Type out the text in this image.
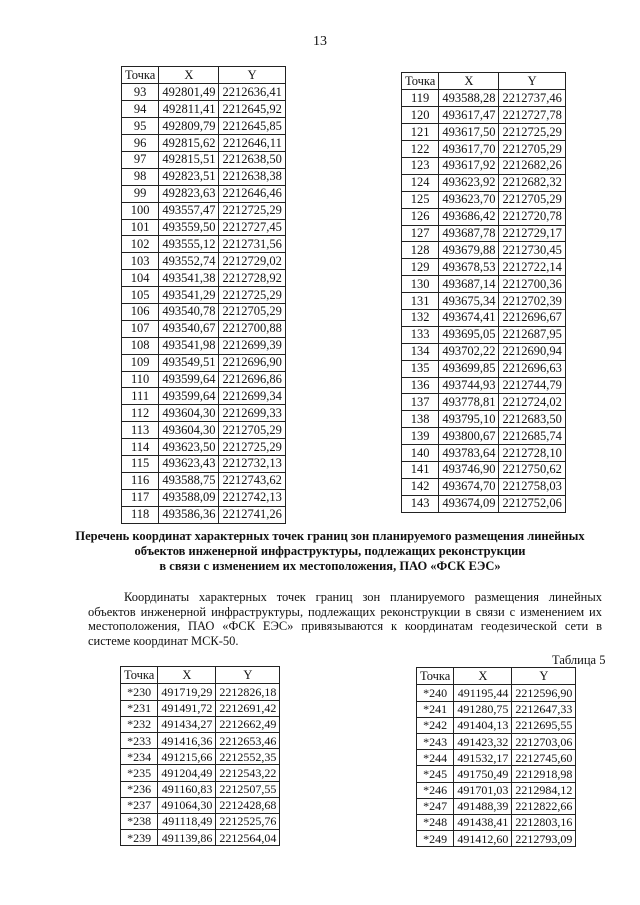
13
Точка	X	Y
93	492801,49	2212636,41
94	492811,41	2212645,92
95	492809,79	2212645,85
96	492815,62	2212646,11
97	492815,51	2212638,50
98	492823,51	2212638,38
99	492823,63	2212646,46
100	493557,47	2212725,29
101	493559,50	2212727,45
102	493555,12	2212731,56
103	493552,74	2212729,02
104	493541,38	2212728,92
105	493541,29	2212725,29
106	493540,78	2212705,29
107	493540,67	2212700,88
108	493541,98	2212699,39
109	493549,51	2212696,90
110	493599,64	2212696,86
111	493599,64	2212699,34
112	493604,30	2212699,33
113	493604,30	2212705,29
114	493623,50	2212725,29
115	493623,43	2212732,13
116	493588,75	2212743,62
117	493588,09	2212742,13
118	493586,36	2212741,26
Точка	X	Y
119	493588,28	2212737,46
120	493617,47	2212727,78
121	493617,50	2212725,29
122	493617,70	2212705,29
123	493617,92	2212682,26
124	493623,92	2212682,32
125	493623,70	2212705,29
126	493686,42	2212720,78
127	493687,78	2212729,17
128	493679,88	2212730,45
129	493678,53	2212722,14
130	493687,14	2212700,36
131	493675,34	2212702,39
132	493674,41	2212696,67
133	493695,05	2212687,95
134	493702,22	2212690,94
135	493699,85	2212696,63
136	493744,93	2212744,79
137	493778,81	2212724,02
138	493795,10	2212683,50
139	493800,67	2212685,74
140	493783,64	2212728,10
141	493746,90	2212750,62
142	493674,70	2212758,03
143	493674,09	2212752,06
Перечень координат характерных точек границ зон планируемого размещения линейных
объектов инженерной инфраструктуры, подлежащих реконструкции
в связи с изменением их местоположения, ПАО «ФСК ЕЭС»
Координаты характерных точек границ зон планируемого размещения линейных объектов инженерной инфраструктуры, подлежащих реконструкции в связи с изменением их местоположения, ПАО «ФСК ЕЭС» привязываются к координатам геодезической сети в системе координат МСК-50.
Таблица 5
Точка	X	Y
*230	491719,29	2212826,18
*231	491491,72	2212691,42
*232	491434,27	2212662,49
*233	491416,36	2212653,46
*234	491215,66	2212552,35
*235	491204,49	2212543,22
*236	491160,83	2212507,55
*237	491064,30	2212428,68
*238	491118,49	2212525,76
*239	491139,86	2212564,04
Точка	X	Y
*240	491195,44	2212596,90
*241	491280,75	2212647,33
*242	491404,13	2212695,55
*243	491423,32	2212703,06
*244	491532,17	2212745,60
*245	491750,49	2212918,98
*246	491701,03	2212984,12
*247	491488,39	2212822,66
*248	491438,41	2212803,16
*249	491412,60	2212793,09
